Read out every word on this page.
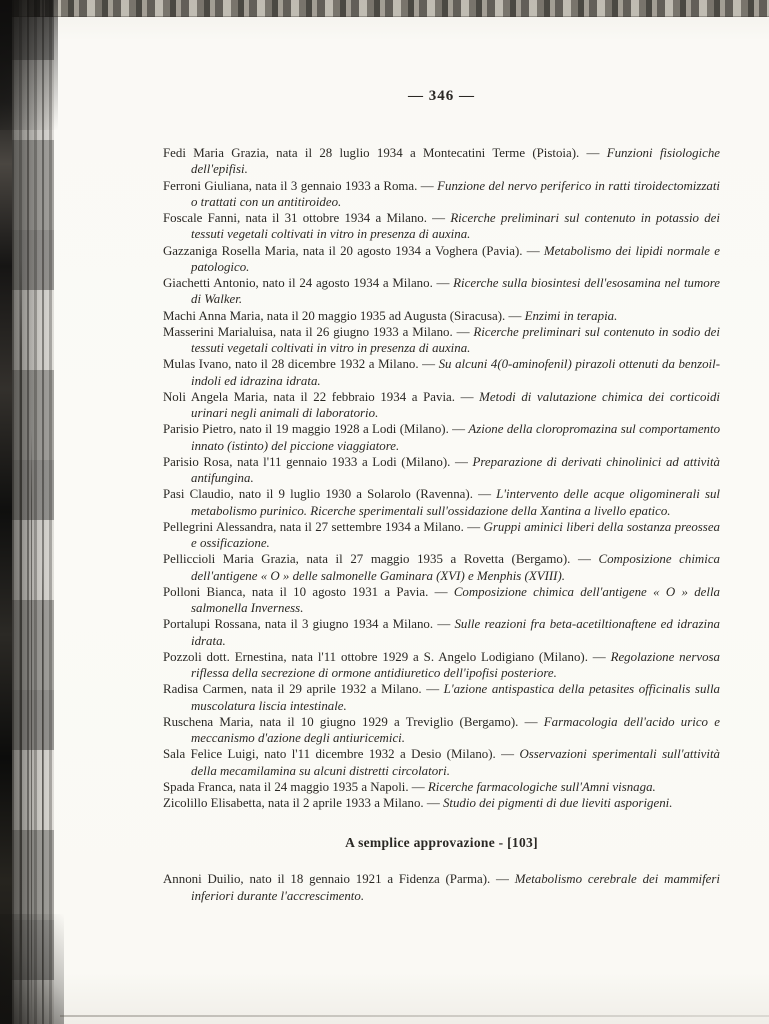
— 346 —

Fedi Maria Grazia, nata il 28 luglio 1934 a Montecatini Terme (Pistoia). — Funzioni fisiologiche dell'epifisi.

Ferroni Giuliana, nata il 3 gennaio 1933 a Roma. — Funzione del nervo periferico in ratti tiroidectomizzati o trattati con un antitiroideo.

Foscale Fanni, nata il 31 ottobre 1934 a Milano. — Ricerche preliminari sul contenuto in potassio dei tessuti vegetali coltivati in vitro in presenza di auxina.

Gazzaniga Rosella Maria, nata il 20 agosto 1934 a Voghera (Pavia). — Metabolismo dei lipidi normale e patologico.

Giachetti Antonio, nato il 24 agosto 1934 a Milano. — Ricerche sulla biosintesi dell'esosamina nel tumore di Walker.

Machi Anna Maria, nata il 20 maggio 1935 ad Augusta (Siracusa). — Enzimi in terapia.

Masserini Marialuisa, nata il 26 giugno 1933 a Milano. — Ricerche preliminari sul contenuto in sodio dei tessuti vegetali coltivati in vitro in presenza di auxina.

Mulas Ivano, nato il 28 dicembre 1932 a Milano. — Su alcuni 4(0-aminofenil) pirazoli ottenuti da benzoil-indoli ed idrazina idrata.

Noli Angela Maria, nata il 22 febbraio 1934 a Pavia. — Metodi di valutazione chimica dei corticoidi urinari negli animali di laboratorio.

Parisio Pietro, nato il 19 maggio 1928 a Lodi (Milano). — Azione della cloropromazina sul comportamento innato (istinto) del piccione viaggiatore.

Parisio Rosa, nata l'11 gennaio 1933 a Lodi (Milano). — Preparazione di derivati chinolinici ad attività antifungina.

Pasi Claudio, nato il 9 luglio 1930 a Solarolo (Ravenna). — L'intervento delle acque oligominerali sul metabolismo purinico. Ricerche sperimentali sull'ossidazione della Xantina a livello epatico.

Pellegrini Alessandra, nata il 27 settembre 1934 a Milano. — Gruppi aminici liberi della sostanza preossea e ossificazione.

Pelliccioli Maria Grazia, nata il 27 maggio 1935 a Rovetta (Bergamo). — Composizione chimica dell'antigene « O » delle salmonelle Gaminara (XVI) e Menphis (XVIII).

Polloni Bianca, nata il 10 agosto 1931 a Pavia. — Composizione chimica dell'antigene « O » della salmonella Inverness.

Portalupi Rossana, nata il 3 giugno 1934 a Milano. — Sulle reazioni fra beta-acetiltionaftene ed idrazina idrata.

Pozzoli dott. Ernestina, nata l'11 ottobre 1929 a S. Angelo Lodigiano (Milano). — Regolazione nervosa riflessa della secrezione di ormone antidiuretico dell'ipofisi posteriore.

Radisa Carmen, nata il 29 aprile 1932 a Milano. — L'azione antispastica della petasites officinalis sulla muscolatura liscia intestinale.

Ruschena Maria, nata il 10 giugno 1929 a Treviglio (Bergamo). — Farmacologia dell'acido urico e meccanismo d'azione degli antiuricemici.

Sala Felice Luigi, nato l'11 dicembre 1932 a Desio (Milano). — Osservazioni sperimentali sull'attività della mecamilamina su alcuni distretti circolatori.

Spada Franca, nata il 24 maggio 1935 a Napoli. — Ricerche farmacologiche sull'Amni visnaga.

Zicolillo Elisabetta, nata il 2 aprile 1933 a Milano. — Studio dei pigmenti di due lieviti asporigeni.

A semplice approvazione - [103]

Annoni Duilio, nato il 18 gennaio 1921 a Fidenza (Parma). — Metabolismo cerebrale dei mammiferi inferiori durante l'accrescimento.
